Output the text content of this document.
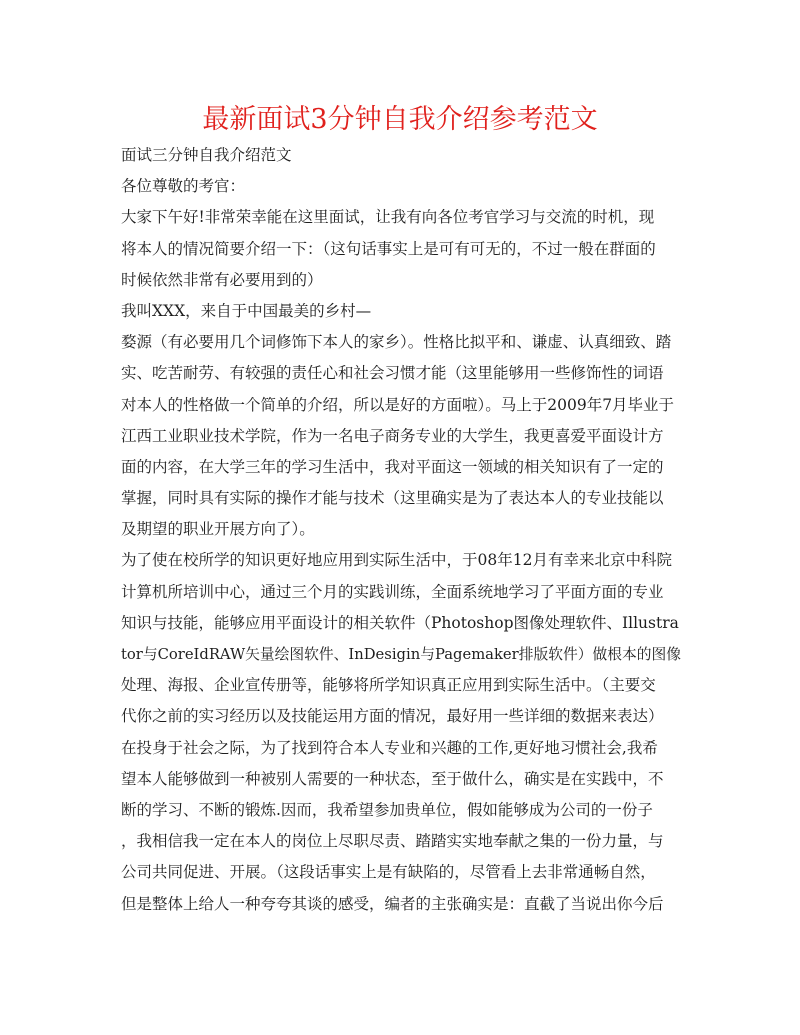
最新面试3分钟自我介绍参考范文
面试三分钟自我介绍范文
各位尊敬的考官：
大家下午好!非常荣幸能在这里面试，让我有向各位考官学习与交流的时机，现
将本人的情况简要介绍一下：（这句话事实上是可有可无的，不过一般在群面的
时候依然非常有必要用到的）
我叫XXX，来自于中国最美的乡村—
婺源（有必要用几个词修饰下本人的家乡）。性格比拟平和、谦虚、认真细致、踏
实、吃苦耐劳、有较强的责任心和社会习惯才能（这里能够用一些修饰性的词语
对本人的性格做一个简单的介绍，所以是好的方面啦）。马上于2009年7月毕业于
江西工业职业技术学院，作为一名电子商务专业的大学生，我更喜爱平面设计方
面的内容，在大学三年的学习生活中，我对平面这一领域的相关知识有了一定的
掌握，同时具有实际的操作才能与技术（这里确实是为了表达本人的专业技能以
及期望的职业开展方向了）。
为了使在校所学的知识更好地应用到实际生活中，于08年12月有幸来北京中科院
计算机所培训中心，通过三个月的实践训练，全面系统地学习了平面方面的专业
知识与技能，能够应用平面设计的相关软件（Photoshop图像处理软件、Illustra
tor与CoreIdRAW矢量绘图软件、InDesigin与Pagemaker排版软件）做根本的图像
处理、海报、企业宣传册等，能够将所学知识真正应用到实际生活中。（主要交
代你之前的实习经历以及技能运用方面的情况，最好用一些详细的数据来表达）
在投身于社会之际，为了找到符合本人专业和兴趣的工作,更好地习惯社会,我希
望本人能够做到一种被别人需要的一种状态，至于做什么，确实是在实践中，不
断的学习、不断的锻炼.因而，我希望参加贵单位，假如能够成为公司的一份子
，我相信我一定在本人的岗位上尽职尽责、踏踏实实地奉献之集的一份力量，与
公司共同促进、开展。（这段话事实上是有缺陷的，尽管看上去非常通畅自然，
但是整体上给人一种夸夸其谈的感受，编者的主张确实是：直截了当说出你今后
